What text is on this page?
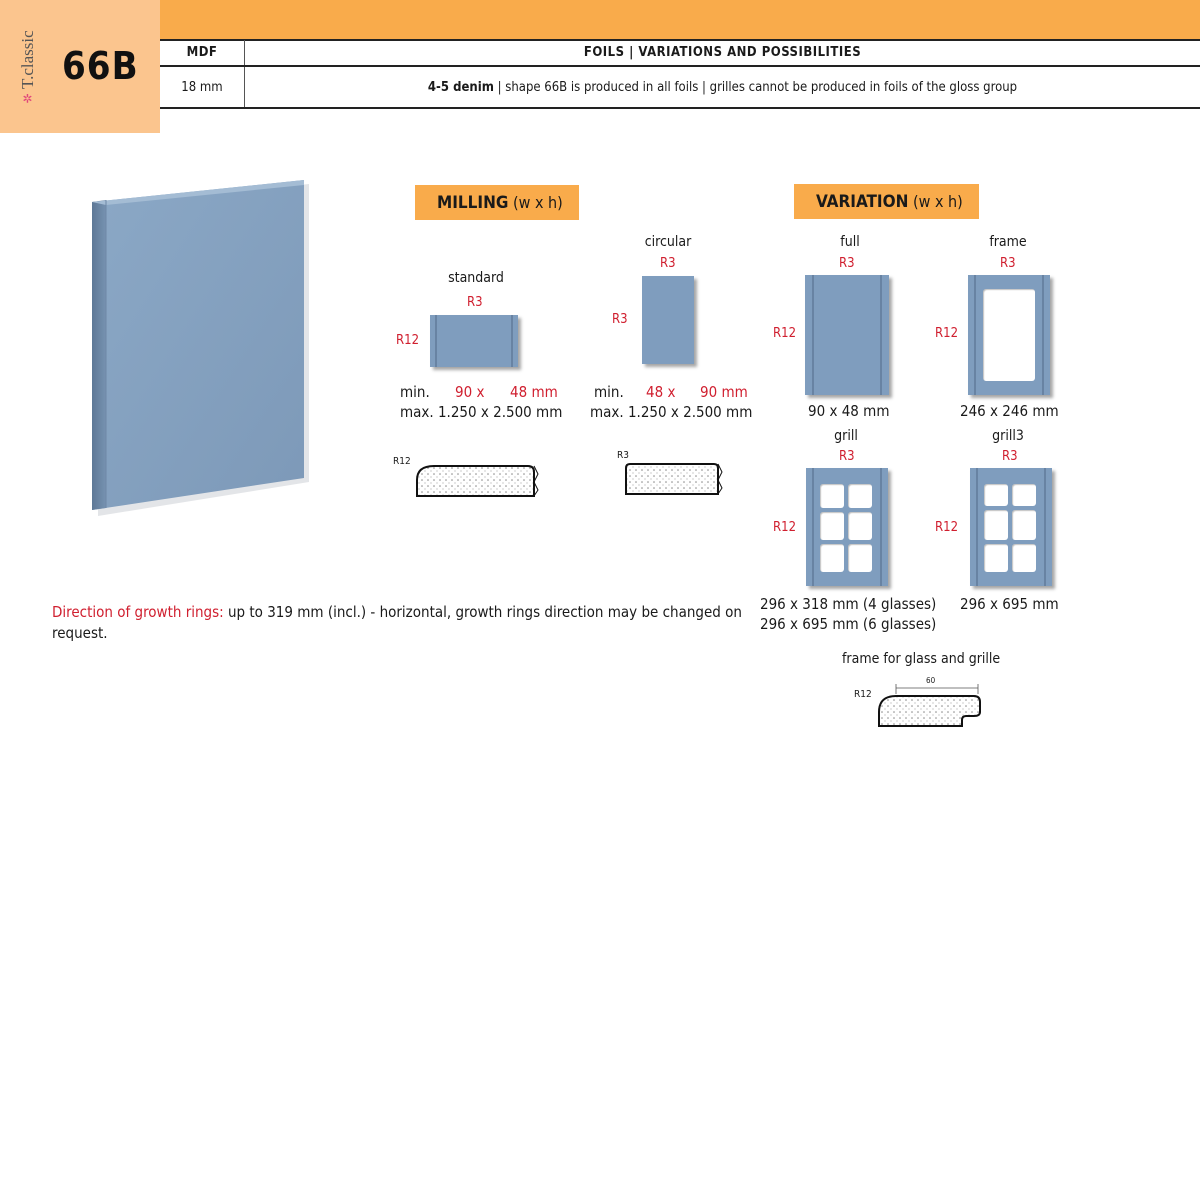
✲
T.classic 66B	MDF	FOILS | VARIATIONS AND POSSIBILITIES
18 mm	4-5 denim | shape 66B is produced in all foils | grilles cannot be produced in foils of the gloss group
MILLING (w x h)
standard
R3
R12
min. 90 x 48 mm
max. 1.250 x 2.500 mm
R12
circular
R3
R3
min. 48 x 90 mm
max. 1.250 x 2.500 mm
R3
VARIATION (w x h)
full
R3
R12
90 x 48 mm
frame
R3
R12
246 x 246 mm
grill
R3
R12
296 x 318 mm (4 glasses)
296 x 695 mm (6 glasses)
grill3
R3
R12
296 x 695 mm
frame for glass and grille
R12
60
Direction of growth rings: up to 319 mm (incl.) - horizontal, growth rings direction may be changed on request.
